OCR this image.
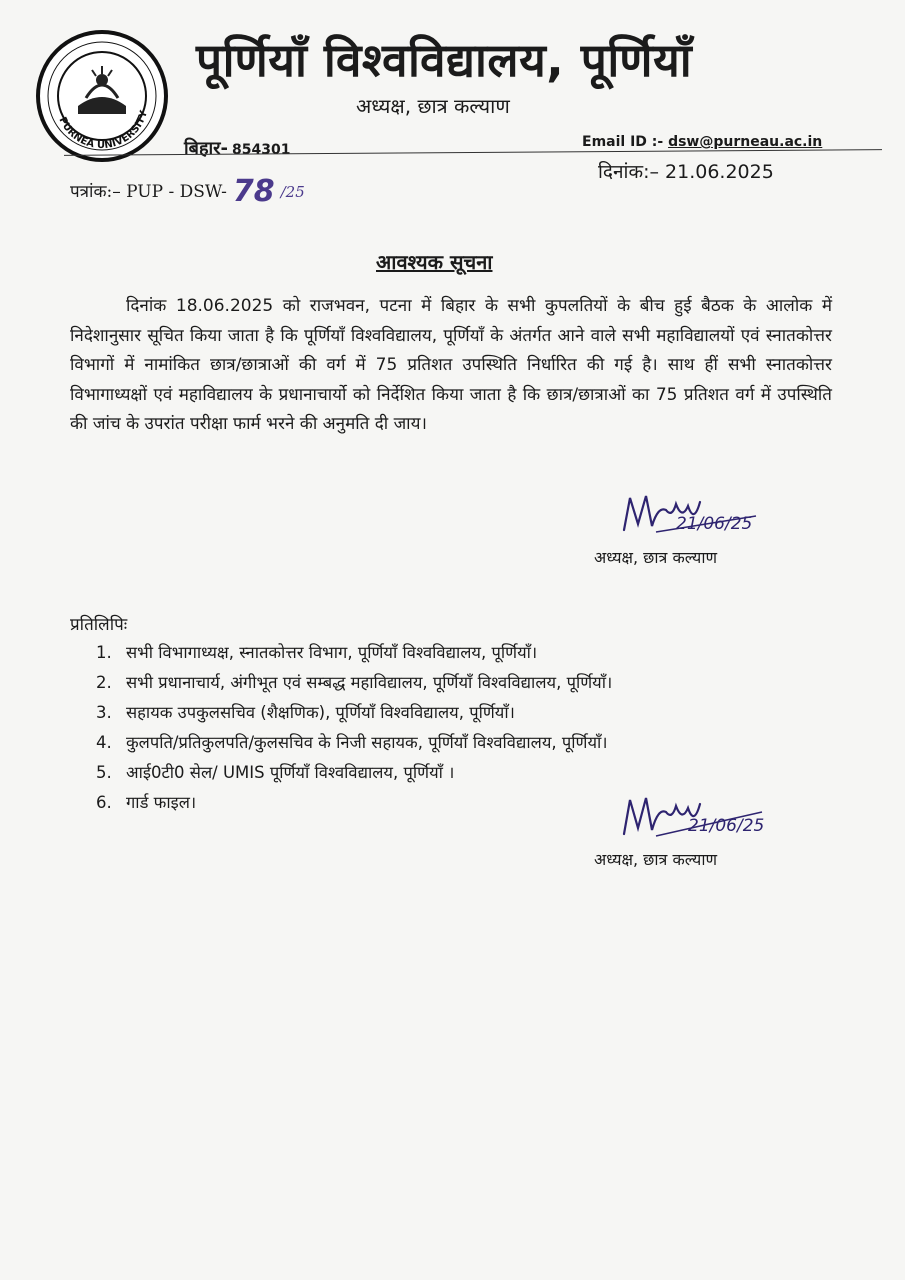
PURNEA UNIVERSITY
पूर्णियाँ विश्वविद्यालय, पूर्णियाँ
अध्यक्ष, छात्र कल्याण
बिहार- 854301	Email ID :- dsw@purneau.ac.in
पत्रांक:– PUP - DSW- 78 /25
दिनांक:– 21.06.2025
आवश्यक सूचना

दिनांक 18.06.2025 को राजभवन, पटना में बिहार के सभी कुपलतियों के बीच हुई बैठक के आलोक में निदेशानुसार सूचित किया जाता है कि पूर्णियाँ विश्वविद्यालय, पूर्णियाँ के अंतर्गत आने वाले सभी महाविद्यालयों एवं स्नातकोत्तर विभागों में नामांकित छात्र/छात्राओं की वर्ग में 75 प्रतिशत उपस्थिति निर्धारित की गई है। साथ हीं सभी स्नातकोत्तर विभागाध्यक्षों एवं महाविद्यालय के प्रधानाचार्यो को निर्देशित किया जाता है कि छात्र/छात्राओं का 75 प्रतिशत वर्ग में उपस्थिति की जांच के उपरांत परीक्षा फार्म भरने की अनुमति दी जाय।

21/06/25
अध्यक्ष, छात्र कल्याण
प्रतिलिपिः
1. सभी विभागाध्यक्ष, स्नातकोत्तर विभाग, पूर्णियाँ विश्वविद्यालय, पूर्णियाँ।
2. सभी प्रधानाचार्य, अंगीभूत एवं सम्बद्ध महाविद्यालय, पूर्णियाँ विश्वविद्यालय, पूर्णियाँ।
3. सहायक उपकुलसचिव (शैक्षणिक), पूर्णियाँ विश्वविद्यालय, पूर्णियाँ।
4. कुलपति/प्रतिकुलपति/कुलसचिव के निजी सहायक, पूर्णियाँ विश्वविद्यालय, पूर्णियाँ।
5. आई0टी0 सेल/ UMIS पूर्णियाँ विश्वविद्यालय, पूर्णियाँ ।
6. गार्ड फाइल।
21/06/25
अध्यक्ष, छात्र कल्याण
